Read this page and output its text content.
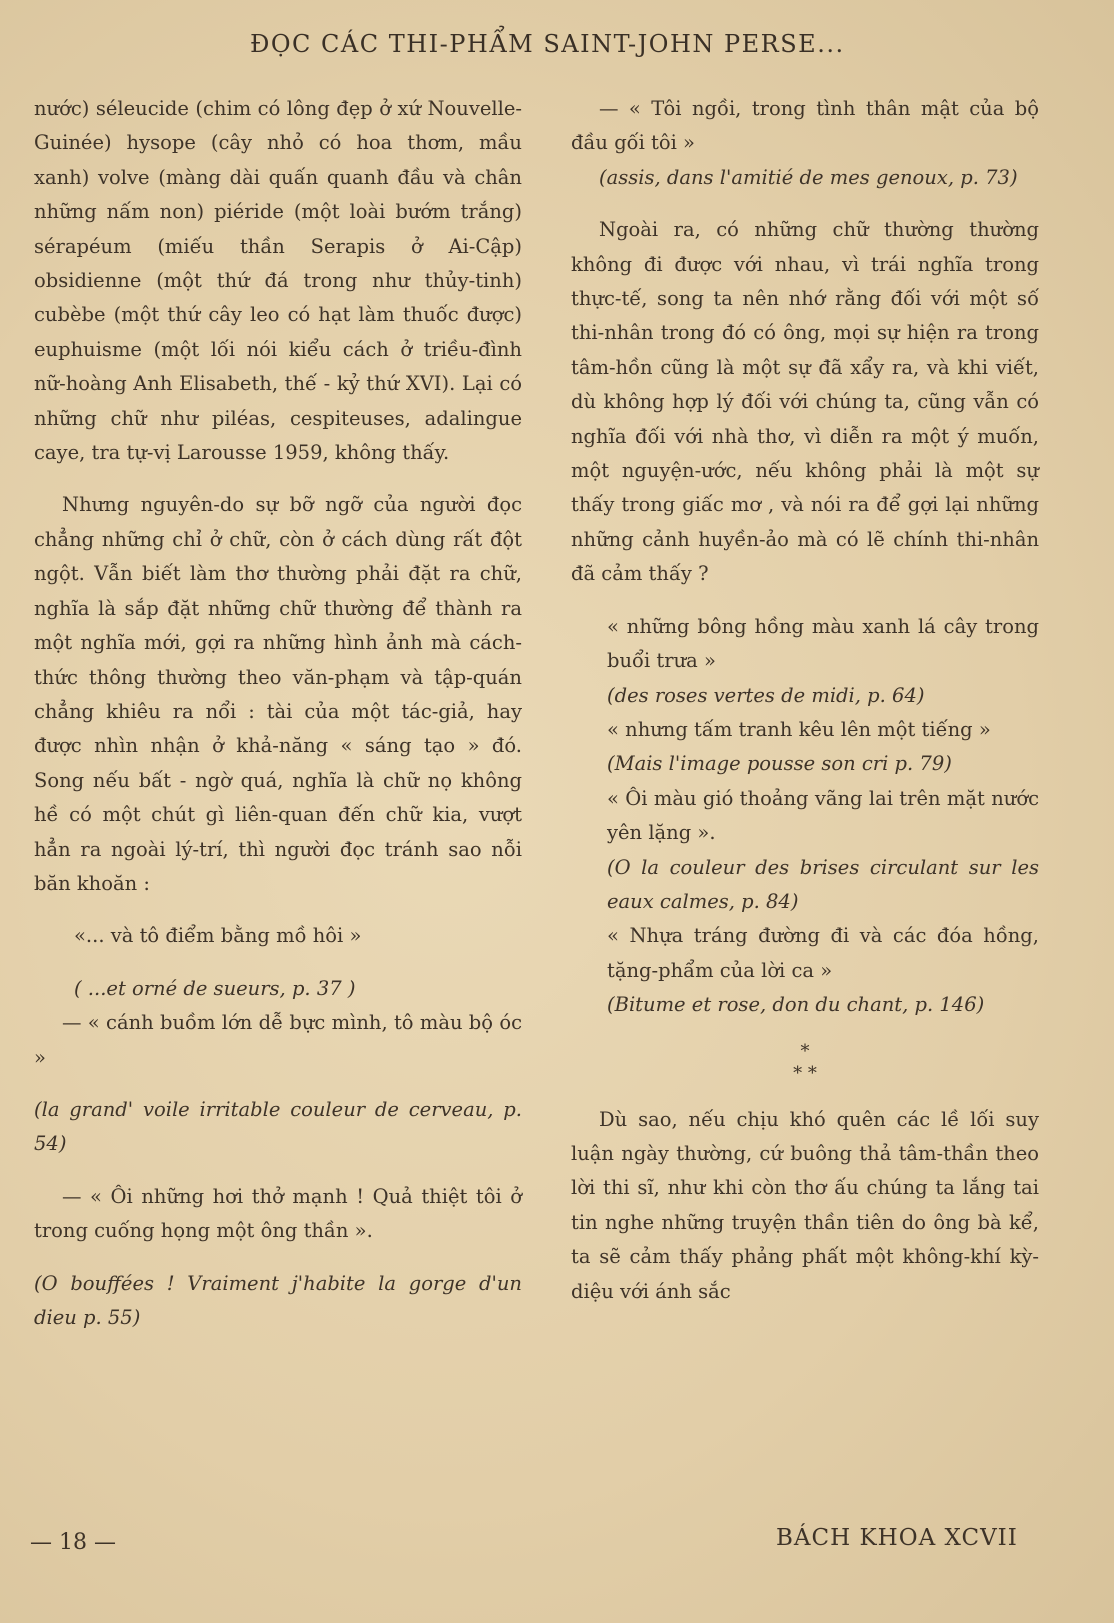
ĐỌC CÁC THI-PHẨM SAINT-JOHN PERSE...

nước) séleucide (chim có lông đẹp ở xứ Nouvelle-Guinée) hysope (cây nhỏ có hoa thơm, mầu xanh) volve (màng dài quấn quanh đầu và chân những nấm non) piéride (một loài bướm trắng) sérapéum (miếu thần Serapis ở Ai-Cập) obsidienne (một thứ đá trong như thủy-tinh) cubèbe (một thứ cây leo có hạt làm thuốc được) euphuisme (một lối nói kiểu cách ở triều-đình nữ-hoàng Anh Elisabeth, thế - kỷ thứ XVI). Lại có những chữ như piléas, cespiteuses, adalingue caye, tra tự-vị Larousse 1959, không thấy.

Nhưng nguyên-do sự bỡ ngỡ của người đọc chẳng những chỉ ở chữ, còn ở cách dùng rất đột ngột. Vẫn biết làm thơ thường phải đặt ra chữ, nghĩa là sắp đặt những chữ thường để thành ra một nghĩa mới, gợi ra những hình ảnh mà cách-thức thông thường theo văn-phạm và tập-quán chẳng khiêu ra nổi : tài của một tác-giả, hay được nhìn nhận ở khả-năng « sáng tạo » đó. Song nếu bất - ngờ quá, nghĩa là chữ nọ không hề có một chút gì liên-quan đến chữ kia, vượt hẳn ra ngoài lý-trí, thì người đọc tránh sao nỗi băn khoăn :

«... và tô điểm bằng mồ hôi »

( ...et orné de sueurs, p. 37 )

— « cánh buồm lớn dễ bực mình, tô màu bộ óc »

(la grand' voile irritable couleur de cerveau, p. 54)

— « Ôi những hơi thở mạnh ! Quả thiệt tôi ở trong cuống họng một ông thần ».

(O bouffées ! Vraiment j'habite la gorge d'un dieu p. 55)

— « Tôi ngồi, trong tình thân mật của bộ đầu gối tôi »

(assis, dans l'amitié de mes genoux, p. 73)

Ngoài ra, có những chữ thường thường không đi được với nhau, vì trái nghĩa trong thực-tế, song ta nên nhớ rằng đối với một số thi-nhân trong đó có ông, mọi sự hiện ra trong tâm-hồn cũng là một sự đã xẩy ra, và khi viết, dù không hợp lý đối với chúng ta, cũng vẫn có nghĩa đối với nhà thơ, vì diễn ra một ý muốn, một nguyện-ước, nếu không phải là một sự thấy trong giấc mơ , và nói ra để gợi lại những những cảnh huyền-ảo mà có lẽ chính thi-nhân đã cảm thấy ?

« những bông hồng màu xanh lá cây trong buổi trưa »

(des roses vertes de midi, p. 64)

« nhưng tấm tranh kêu lên một tiếng »

(Mais l'image pousse son cri p. 79)

« Ôi màu gió thoảng vãng lai trên mặt nước yên lặng ».

(O la couleur des brises circulant sur les eaux calmes, p. 84)

« Nhựa tráng đường đi và các đóa hồng, tặng-phẩm của lời ca »

(Bitume et rose, don du chant, p. 146)

*

* *

Dù sao, nếu chịu khó quên các lề lối suy luận ngày thường, cứ buông thả tâm-thần theo lời thi sĩ, như khi còn thơ ấu chúng ta lắng tai tin nghe những truyện thần tiên do ông bà kể, ta sẽ cảm thấy phảng phất một không-khí kỳ-diệu với ánh sắc

— 18 —	BÁCH KHOA XCVII
